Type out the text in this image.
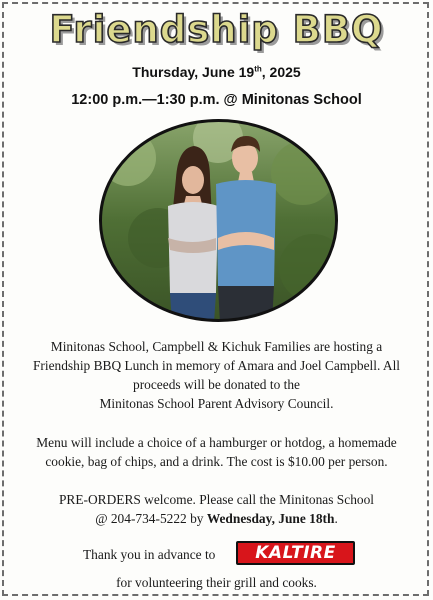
Friendship BBQ
Thursday, June 19th, 2025
12:00 p.m.—1:30 p.m. @ Minitonas School
Minitonas School, Campbell & Kichuk Families are hosting a
Friendship BBQ Lunch in memory of Amara and Joel Campbell. All
proceeds will be donated to the
Minitonas School Parent Advisory Council.
Menu will include a choice of a hamburger or hotdog, a homemade
cookie, bag of chips, and a drink. The cost is $10.00 per person.
PRE-ORDERS welcome. Please call the Minitonas School
@ 204-734-5222 by Wednesday, June 18th.
Thank you in advance to	KALTIRE
for volunteering their grill and cooks.
